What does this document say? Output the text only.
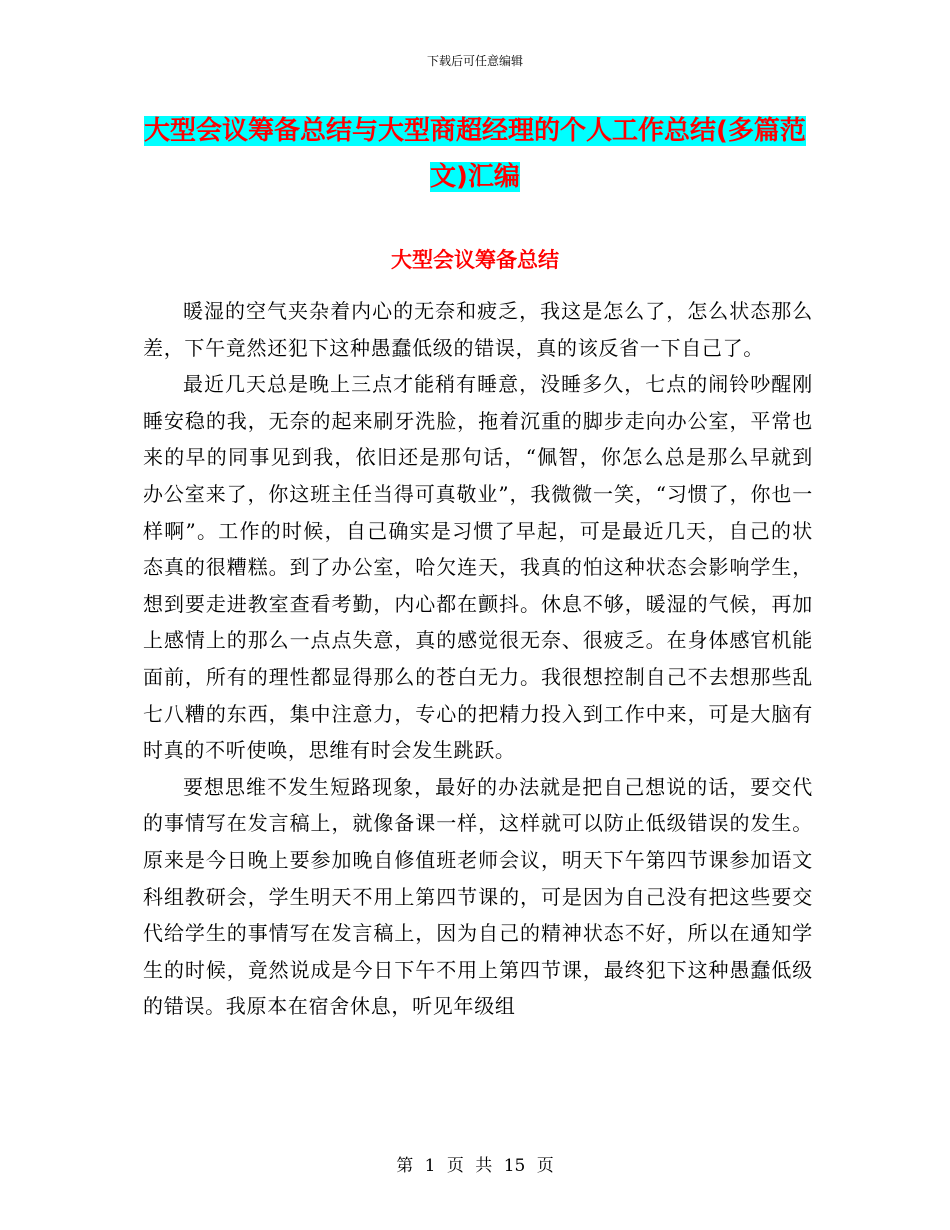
下载后可任意编辑
大型会议筹备总结与大型商超经理的个人工作总结(多篇范文)汇编
大型会议筹备总结

暖湿的空气夹杂着内心的无奈和疲乏，我这是怎么了，怎么状态那么差，下午竟然还犯下这种愚蠢低级的错误，真的该反省一下自己了。

最近几天总是晚上三点才能稍有睡意，没睡多久，七点的闹铃吵醒刚睡安稳的我，无奈的起来刷牙洗脸，拖着沉重的脚步走向办公室，平常也来的早的同事见到我，依旧还是那句话，“佩智，你怎么总是那么早就到办公室来了，你这班主任当得可真敬业”，我微微一笑，“习惯了，你也一样啊”。工作的时候，自己确实是习惯了早起，可是最近几天，自己的状态真的很糟糕。到了办公室，哈欠连天，我真的怕这种状态会影响学生，想到要走进教室查看考勤，内心都在颤抖。休息不够，暖湿的气候，再加上感情上的那么一点点失意，真的感觉很无奈、很疲乏。在身体感官机能面前，所有的理性都显得那么的苍白无力。我很想控制自己不去想那些乱七八糟的东西，集中注意力，专心的把精力投入到工作中来，可是大脑有时真的不听使唤，思维有时会发生跳跃。

要想思维不发生短路现象，最好的办法就是把自己想说的话，要交代的事情写在发言稿上，就像备课一样，这样就可以防止低级错误的发生。原来是今日晚上要参加晚自修值班老师会议，明天下午第四节课参加语文科组教研会，学生明天不用上第四节课的，可是因为自己没有把这些要交代给学生的事情写在发言稿上，因为自己的精神状态不好，所以在通知学生的时候，竟然说成是今日下午不用上第四节课，最终犯下这种愚蠢低级的错误。我原本在宿舍休息，听见年级组

第 1 页 共 15 页
